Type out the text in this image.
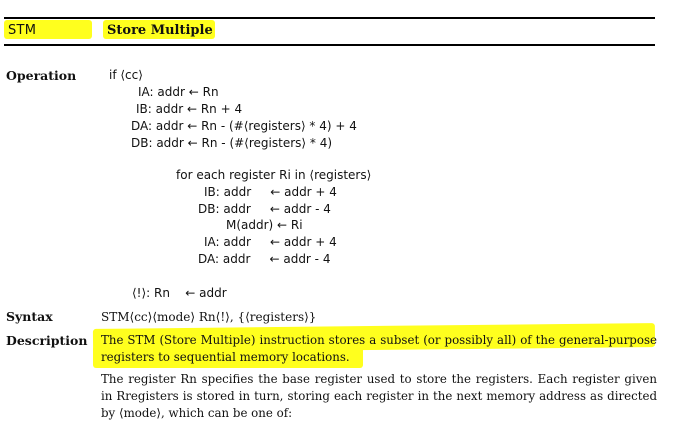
STM	Store Multiple
Operation	if ⟨cc⟩
IA: addr ← Rn
IB: addr ← Rn + 4
DA: addr ← Rn - (#⟨registers⟩ * 4) + 4
DB: addr ← Rn - (#⟨registers⟩ * 4)
for each register Ri in ⟨registers⟩
IB: addr     ← addr + 4
DB: addr     ← addr - 4
M(addr) ← Ri
IA: addr     ← addr + 4
DA: addr     ← addr - 4
⟨!⟩: Rn    ← addr
Syntax	STM⟨cc⟩⟨mode⟩ Rn⟨!⟩, {⟨registers⟩}
Description The STM (Store Multiple) instruction stores a subset (or possibly all) of the general-purpose registers to sequential memory locations.
The register Rn specifies the base register used to store the registers. Each register given in Rregisters is stored in turn, storing each register in the next memory address as directed by ⟨mode⟩, which can be one of:
